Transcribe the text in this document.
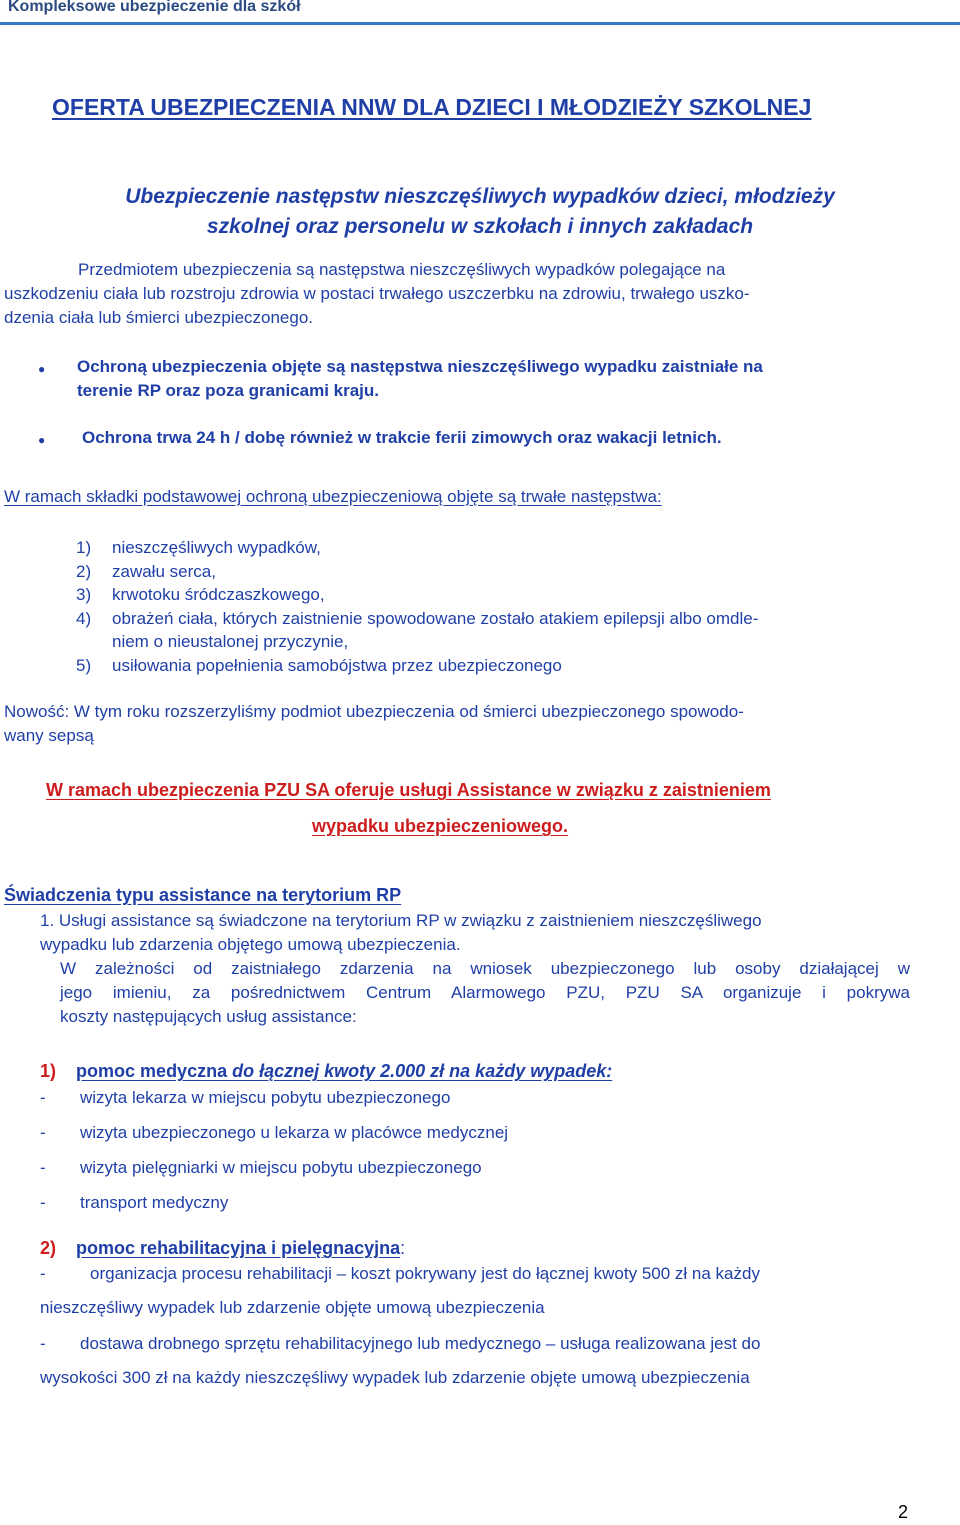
Kompleksowe ubezpieczenie dla szkół
OFERTA UBEZPIECZENIA NNW DLA DZIECI I MŁODZIEŻY SZKOLNEJ
Ubezpieczenie następstw nieszczęśliwych wypadków dzieci, młodzieży
szkolnej oraz personelu w szkołach i innych zakładach
Przedmiotem ubezpieczenia są następstwa nieszczęśliwych wypadków polegające na
uszkodzeniu ciała lub rozstroju zdrowia w postaci trwałego uszczerbku na zdrowiu, trwałego uszko-
dzenia ciała lub śmierci ubezpieczonego.
● Ochroną ubezpieczenia objęte są następstwa nieszczęśliwego wypadku zaistniałe na
terenie RP oraz poza granicami kraju.
● Ochrona trwa 24 h / dobę również w trakcie ferii zimowych oraz wakacji letnich.
W ramach składki podstawowej ochroną ubezpieczeniową objęte są trwałe następstwa:
1) nieszczęśliwych wypadków,
2) zawału serca,
3) krwotoku śródczaszkowego,
4) obrażeń ciała, których zaistnienie spowodowane zostało atakiem epilepsji albo omdle-
niem o nieustalonej przyczynie,
5) usiłowania popełnienia samobójstwa przez ubezpieczonego
Nowość: W tym roku rozszerzyliśmy podmiot ubezpieczenia od śmierci ubezpieczonego spowodo-
wany sepsą
W ramach ubezpieczenia PZU SA oferuje usługi Assistance w związku z zaistnieniem
wypadku ubezpieczeniowego.
Świadczenia typu assistance na terytorium RP
1. Usługi assistance są świadczone na terytorium RP w związku z zaistnieniem nieszczęśliwego
wypadku lub zdarzenia objętego umową ubezpieczenia.
W zależności od zaistniałego zdarzenia na wniosek ubezpieczonego lub osoby działającej w
jego imieniu, za pośrednictwem Centrum Alarmowego PZU, PZU SA organizuje i pokrywa
koszty następujących usług assistance:
1) pomoc medyczna do łącznej kwoty 2.000 zł na każdy wypadek:
- wizyta lekarza w miejscu pobytu ubezpieczonego
- wizyta ubezpieczonego u lekarza w placówce medycznej
- wizyta pielęgniarki w miejscu pobytu ubezpieczonego
- transport medyczny
2) pomoc rehabilitacyjna i pielęgnacyjna:
-	organizacja procesu rehabilitacji – koszt pokrywany jest do łącznej kwoty 500 zł na każdy
nieszczęśliwy wypadek lub zdarzenie objęte umową ubezpieczenia
- dostawa drobnego sprzętu rehabilitacyjnego lub medycznego – usługa realizowana jest do
wysokości 300 zł na każdy nieszczęśliwy wypadek lub zdarzenie objęte umową ubezpieczenia
2
